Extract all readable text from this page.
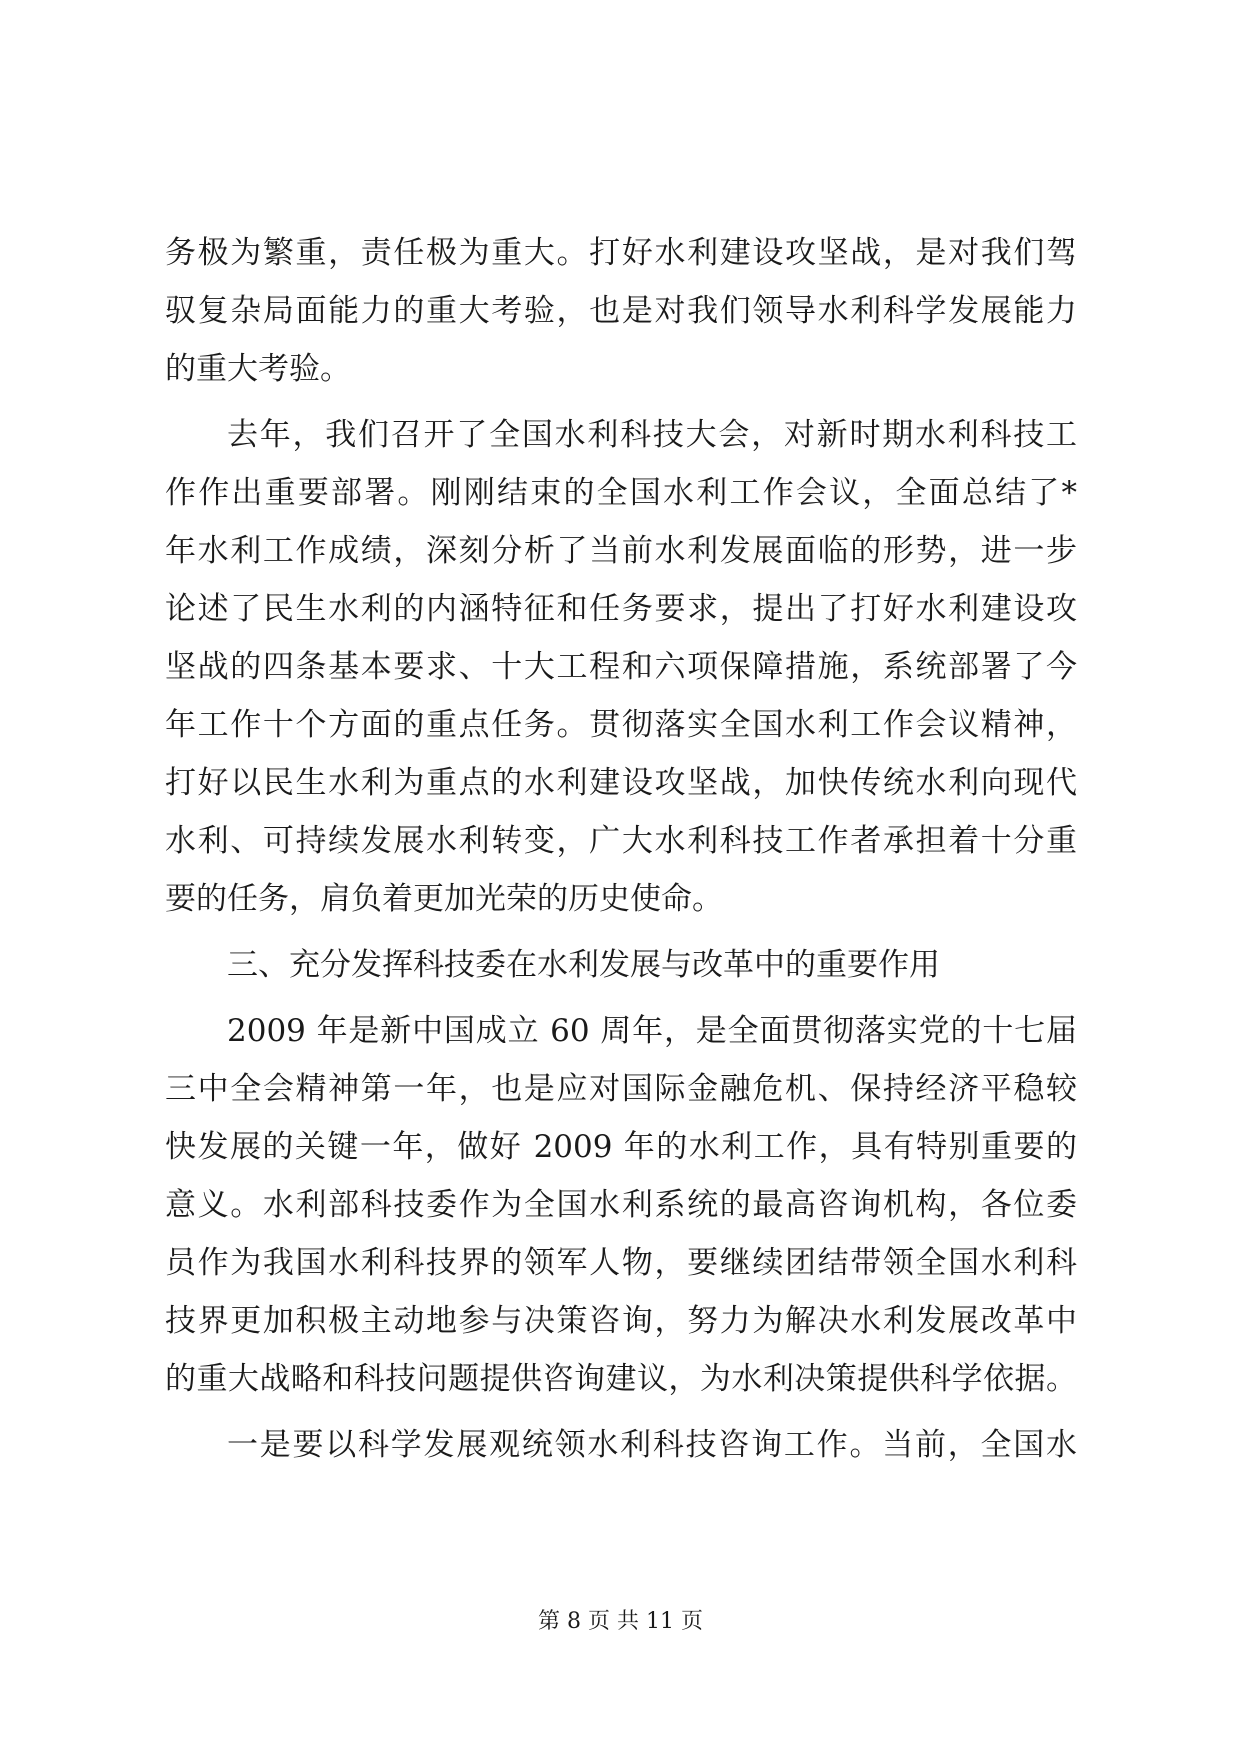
务极为繁重，责任极为重大。打好水利建设攻坚战，是对我们驾
驭复杂局面能力的重大考验，也是对我们领导水利科学发展能力
的重大考验。
去年，我们召开了全国水利科技大会，对新时期水利科技工
作作出重要部署。刚刚结束的全国水利工作会议，全面总结了*
年水利工作成绩，深刻分析了当前水利发展面临的形势，进一步
论述了民生水利的内涵特征和任务要求，提出了打好水利建设攻
坚战的四条基本要求、十大工程和六项保障措施，系统部署了今
年工作十个方面的重点任务。贯彻落实全国水利工作会议精神，
打好以民生水利为重点的水利建设攻坚战，加快传统水利向现代
水利、可持续发展水利转变，广大水利科技工作者承担着十分重
要的任务，肩负着更加光荣的历史使命。
三、充分发挥科技委在水利发展与改革中的重要作用
2009 年是新中国成立 60 周年，是全面贯彻落实党的十七届
三中全会精神第一年，也是应对国际金融危机、保持经济平稳较
快发展的关键一年，做好 2009 年的水利工作，具有特别重要的
意义。水利部科技委作为全国水利系统的最高咨询机构，各位委
员作为我国水利科技界的领军人物，要继续团结带领全国水利科
技界更加积极主动地参与决策咨询，努力为解决水利发展改革中
的重大战略和科技问题提供咨询建议，为水利决策提供科学依据。
一是要以科学发展观统领水利科技咨询工作。当前，全国水
第 8 页 共 11 页
